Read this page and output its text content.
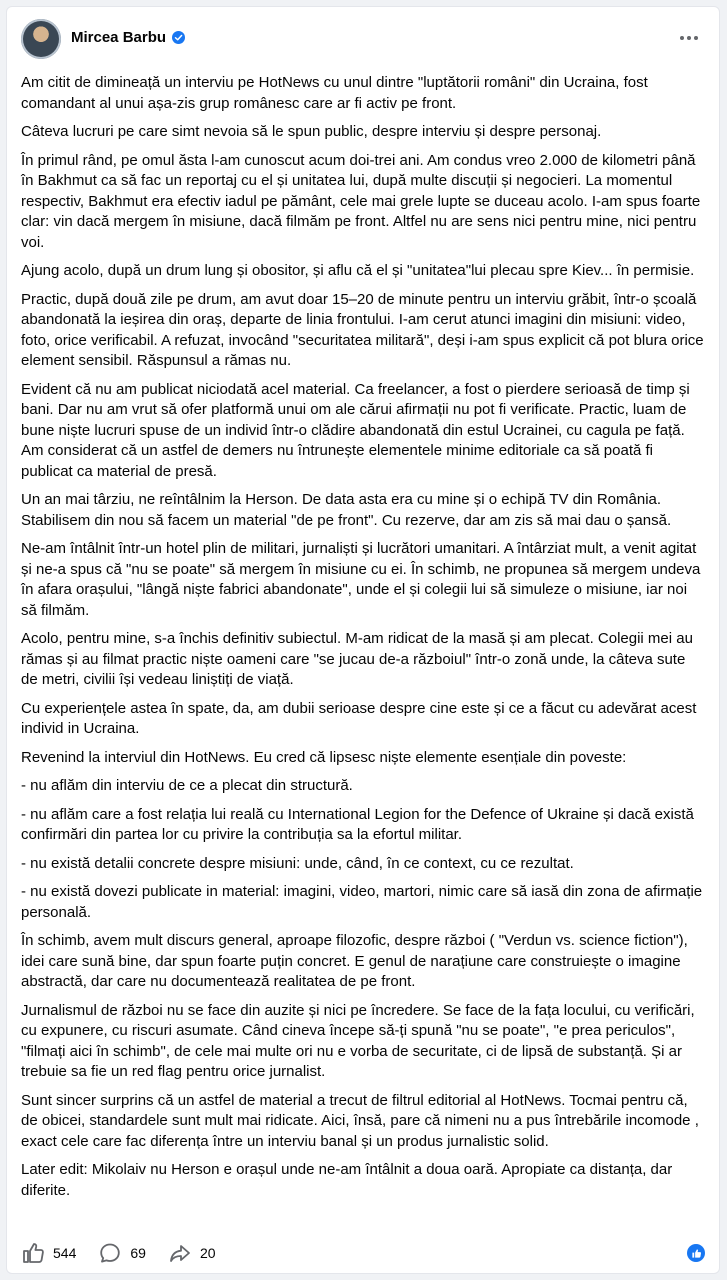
Mircea Barbu

Am citit de dimineață un interviu pe HotNews cu unul dintre "luptătorii români" din Ucraina, fost comandant al unui așa-zis grup românesc care ar fi activ pe front.

Câteva lucruri pe care simt nevoia să le spun public, despre interviu și despre personaj.

În primul rând, pe omul ăsta l-am cunoscut acum doi-trei ani. Am condus vreo 2.000 de kilometri până în Bakhmut ca să fac un reportaj cu el și unitatea lui, după multe discuții și negocieri. La momentul respectiv, Bakhmut era efectiv iadul pe pământ, cele mai grele lupte se duceau acolo. I-am spus foarte clar: vin dacă mergem în misiune, dacă filmăm pe front. Altfel nu are sens nici pentru mine, nici pentru voi.

Ajung acolo, după un drum lung și obositor, și aflu că el și "unitatea"lui plecau spre Kiev... în permisie.

Practic, după două zile pe drum, am avut doar 15–20 de minute pentru un interviu grăbit, într-o școală abandonată la ieșirea din oraș, departe de linia frontului. I-am cerut atunci imagini din misiuni: video, foto, orice verificabil. A refuzat, invocând "securitatea militară", deși i-am spus explicit că pot blura orice element sensibil. Răspunsul a rămas nu.

Evident că nu am publicat niciodată acel material. Ca freelancer, a fost o pierdere serioasă de timp și bani. Dar nu am vrut să ofer platformă unui om ale cărui afirmații nu pot fi verificate. Practic, luam de bune niște lucruri spuse de un individ într-o clădire abandonată din estul Ucrainei, cu cagula pe față. Am considerat că un astfel de demers nu întrunește elementele minime editoriale ca să poată fi publicat ca material de presă.

Un an mai târziu, ne reîntâlnim la Herson. De data asta era cu mine și o echipă TV din România. Stabilisem din nou să facem un material "de pe front". Cu rezerve, dar am zis să mai dau o șansă.

Ne-am întâlnit într-un hotel plin de militari, jurnaliști și lucrători umanitari. A întârziat mult, a venit agitat și ne-a spus că "nu se poate" să mergem în misiune cu ei. În schimb, ne propunea să mergem undeva în afara orașului, "lângă niște fabrici abandonate", unde el și colegii lui să simuleze o misiune, iar noi să filmăm.

Acolo, pentru mine, s-a închis definitiv subiectul. M-am ridicat de la masă și am plecat. Colegii mei au rămas și au filmat practic niște oameni care "se jucau de-a războiul" într-o zonă unde, la câteva sute de metri, civilii își vedeau liniștiți de viață.

Cu experiențele astea în spate, da, am dubii serioase despre cine este și ce a făcut cu adevărat acest individ in Ucraina.

Revenind la interviul din HotNews. Eu cred că lipsesc niște elemente esențiale din poveste:

- nu aflăm din interviu de ce a plecat din structură.

- nu aflăm care a fost relația lui reală cu International Legion for the Defence of Ukraine și dacă există confirmări din partea lor cu privire la contribuția sa la efortul militar.

- nu există detalii concrete despre misiuni: unde, când, în ce context, cu ce rezultat.

- nu există dovezi publicate in material: imagini, video, martori, nimic care să iasă din zona de afirmație personală.

În schimb, avem mult discurs general, aproape filozofic, despre război ( "Verdun vs. science fiction"), idei care sună bine, dar spun foarte puțin concret. E genul de narațiune care construiește o imagine abstractă, dar care nu documentează realitatea de pe front.

Jurnalismul de război nu se face din auzite și nici pe încredere. Se face de la fața locului, cu verificări, cu expunere, cu riscuri asumate. Când cineva începe să-ți spună "nu se poate", "e prea periculos", "filmați aici în schimb", de cele mai multe ori nu e vorba de securitate, ci de lipsă de substanță. Și ar trebuie sa fie un red flag pentru orice jurnalist.

Sunt sincer surprins că un astfel de material a trecut de filtrul editorial al HotNews. Tocmai pentru că, de obicei, standardele sunt mult mai ridicate. Aici, însă, pare că nimeni nu a pus întrebările incomode , exact cele care fac diferența între un interviu banal și un produs jurnalistic solid.

Later edit: Mikolaiv nu Herson e orașul unde ne-am întâlnit a doua oară. Apropiate ca distanța, dar diferite.

544	69	20
